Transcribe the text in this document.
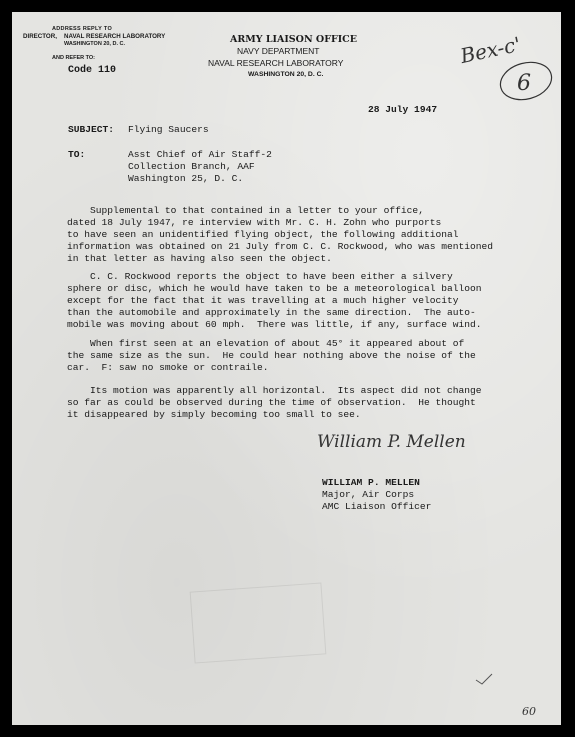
ADDRESS REPLY TO
DIRECTOR, NAVAL RESEARCH LABORATORY
WASHINGTON 20, D. C.
AND REFER TO:
Code 110
ARMY LIAISON OFFICE
NAVY DEPARTMENT
NAVAL RESEARCH LABORATORY
WASHINGTON 20, D. C.
Bex-c'
6
28 July 1947
SUBJECT: Flying Saucers
TO:	Asst Chief of Air Staff-2
Collection Branch, AAF
Washington 25, D. C.
Supplemental to that contained in a letter to your office,
dated 18 July 1947, re interview with Mr. C. H. Zohn who purports
to have seen an unidentified flying object, the following additional
information was obtained on 21 July from C. C. Rockwood, who was mentioned
in that letter as having also seen the object.
C. C. Rockwood reports the object to have been either a silvery
sphere or disc, which he would have taken to be a meteorological balloon
except for the fact that it was travelling at a much higher velocity
than the automobile and approximately in the same direction.  The auto-
mobile was moving about 60 mph.  There was little, if any, surface wind.
When first seen at an elevation of about 45° it appeared about of
the same size as the sun.  He could hear nothing above the noise of the
car.  F: saw no smoke or contraile.
Its motion was apparently all horizontal.  Its aspect did not change
so far as could be observed during the time of observation.  He thought
it disappeared by simply becoming too small to see.
William P. Mellen
WILLIAM P. MELLEN
Major, Air Corps
AMC Liaison Officer
60
